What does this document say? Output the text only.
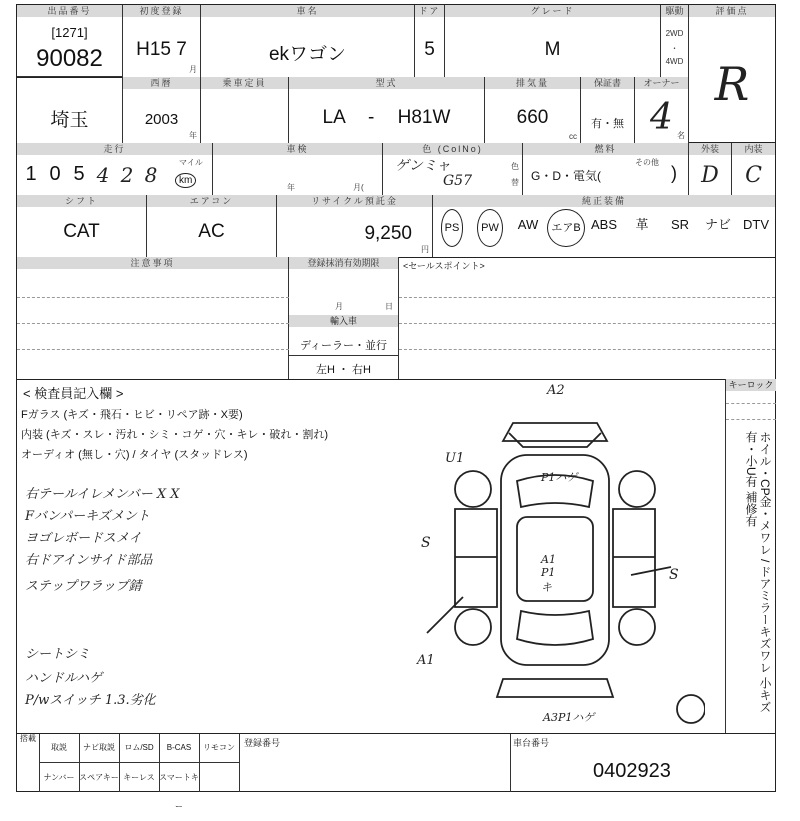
出品番号
[1271]
90082
初度登録
H15 7
月
車名
ekワゴン
ドア
5
グレード
M
駆動
2WD
・
4WD
評価点
R
埼玉
西暦
2003
年
乗車定員	型式
LA - H81W
排気量
660
cc
保証書
有・無
オーナー
4 名
走行
1 0 5 4 2 8
マイル
km
車検
年	月(
色 (ColNo)
ゲンミャ
G57
色
替
燃料
G・D・電気(
その他
)
外装
D
内装
C
シフト
CAT
エアコン
AC
リサイクル預託金
9,250
円
純正装備
PS	PW	AW	エアB ABS	革	SR	ナビ DTV
注意事項	登録抹消有効期限
月	日
輸入車
ディーラー・並行
左H ・ 右H
<セールスポイント>
< 検査員記入欄 >
Fガラス (キズ・飛石・ヒビ・リペア跡・X要)
内装 (キズ・スレ・汚れ・シミ・コゲ・穴・キレ・破れ・割れ)
オーディオ (無し・穴) / タイヤ (スタッドレス)
右テールイレメンバー X X
Fバンパーキズメント
ヨゴレボードスメイ
右ドアインサイド部品
ステップワラップ錆
シートシミ
ハンドルハゲ
P/wスイッチ 1.3.劣化
A2
U1
P1ハゲ
S
A1 P1キ
S
A1
A3P1ハゲ
キーロック
ホイル・CP金・メワレ / ドアミラーキズワレ 小キズ有・小U有 補修有
搭載
取説	ナビ取説	ロム/SD	B-CAS	リモコン
ナンバー スペアキー キーレス スマートキー
登録番号	車台番号
0402923
